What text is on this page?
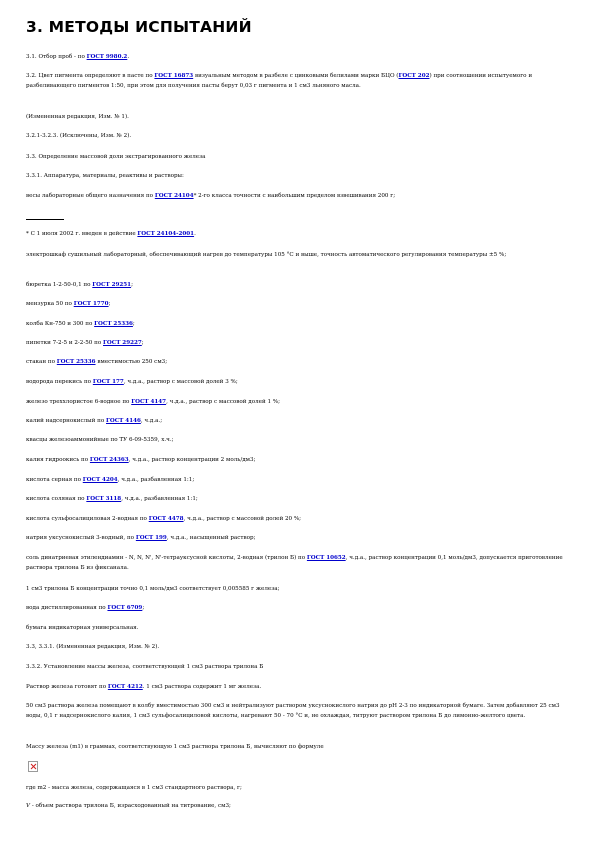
3. МЕТОДЫ ИСПЫТАНИЙ

3.1. Отбор проб - по ГОСТ 9980.2.

3.2. Цвет пигмента определяют в пасте по ГОСТ 16873 визуальным методом в разбеле с цинковыми белилами марки БЦО (ГОСТ 202) при соотношении испытуемого и разбеливающего пигментов 1:50, при этом для получения пасты берут 0,03 г пигмента и 1 см3 льняного масла.

(Измененная редакция, Изм. № 1).

3.2.1-3.2.3. (Исключены, Изм. № 2).

3.3. Определение массовой доли экстрагированного железа

3.3.1. Аппаратура, материалы, реактивы и растворы:

весы лабораторные общего назначения по ГОСТ 24104* 2-го класса точности с наибольшим пределом взвешивания 200 г;

* С 1 июля 2002 г. введен в действие ГОСТ 24104-2001.

электрошкаф сушильный лабораторный, обеспечивающий нагрев до температуры 105 °С и выше, точность автоматического регулирования температуры ±5 %;

бюретка 1-2-50-0,1 по ГОСТ 29251;

мензурка 50 по ГОСТ 1770;

колба Кн-750 и 300 по ГОСТ 25336;

пипетки 7-2-5 и 2-2-50 по ГОСТ 29227;

стакан по ГОСТ 25336 вместимостью 250 см3;

водорода перекись по ГОСТ 177, ч.д.а., раствор с массовой долей 3 %;

железо треххлористое 6-водное по ГОСТ 4147, ч.д.а., раствор с массовой долей 1 %;

калий надсернокислый по ГОСТ 4146, ч.д.а.;

квасцы железоаммонийные по ТУ 6-09-5359, х.ч.;

калия гидроокись по ГОСТ 24363, ч.д.а., раствор концентрации 2 моль/дм3;

кислота серная по ГОСТ 4204, ч.д.а., разбавленная 1:1;

кислота соляная по ГОСТ 3118, ч.д.а., разбавленная 1:1;

кислота сульфосалициловая 2-водная по ГОСТ 4478, ч.д.а., раствор с массовой долей 20 %;

натрия уксуснокислый 3-водный, по ГОСТ 199, ч.д.а., насыщенный раствор;

соль динатриевая этилендиамин - N, N, N', N'-тетрауксусной кислоты, 2-водная (трилон Б) по ГОСТ 10652, ч.д.а., раствор концентрации 0,1 моль/дм3, допускается приготовление раствора трилона Б из фиксанала.

1 см3 трилона Б концентрации точно 0,1 моль/дм3 соответствует 0,005585 г железа;

вода дистиллированная по ГОСТ 6709;

бумага индикаторная универсальная.

3.3, 3.3.1. (Измененная редакция, Изм. № 2).

3.3.2. Установление массы железа, соответствующей 1 см3 раствора трилона Б

Раствор железа готовят по ГОСТ 4212. 1 см3 раствора содержит 1 мг железа.

50 см3 раствора железа помещают в колбу вместимостью 300 см3 и нейтрализуют раствором уксуснокислого натрия до pH 2-3 по индикаторной бумаге. Затем добавляют 25 см3 воды, 0,1 г надсернокислого калия, 1 см3 сульфосалициловой кислоты, нагревают 50 - 70 °С и, не охлаждая, титруют раствором трилона Б до лимонно-желтого цвета.

Массу железа (m1) в граммах, соответствующую 1 см3 раствора трилона Б, вычисляют по формуле

где m2 - масса железа, содержащаяся в 1 см3 стандартного раствора, г;

V - объем раствора трилона Б, израсходованный на титрование, см3;
